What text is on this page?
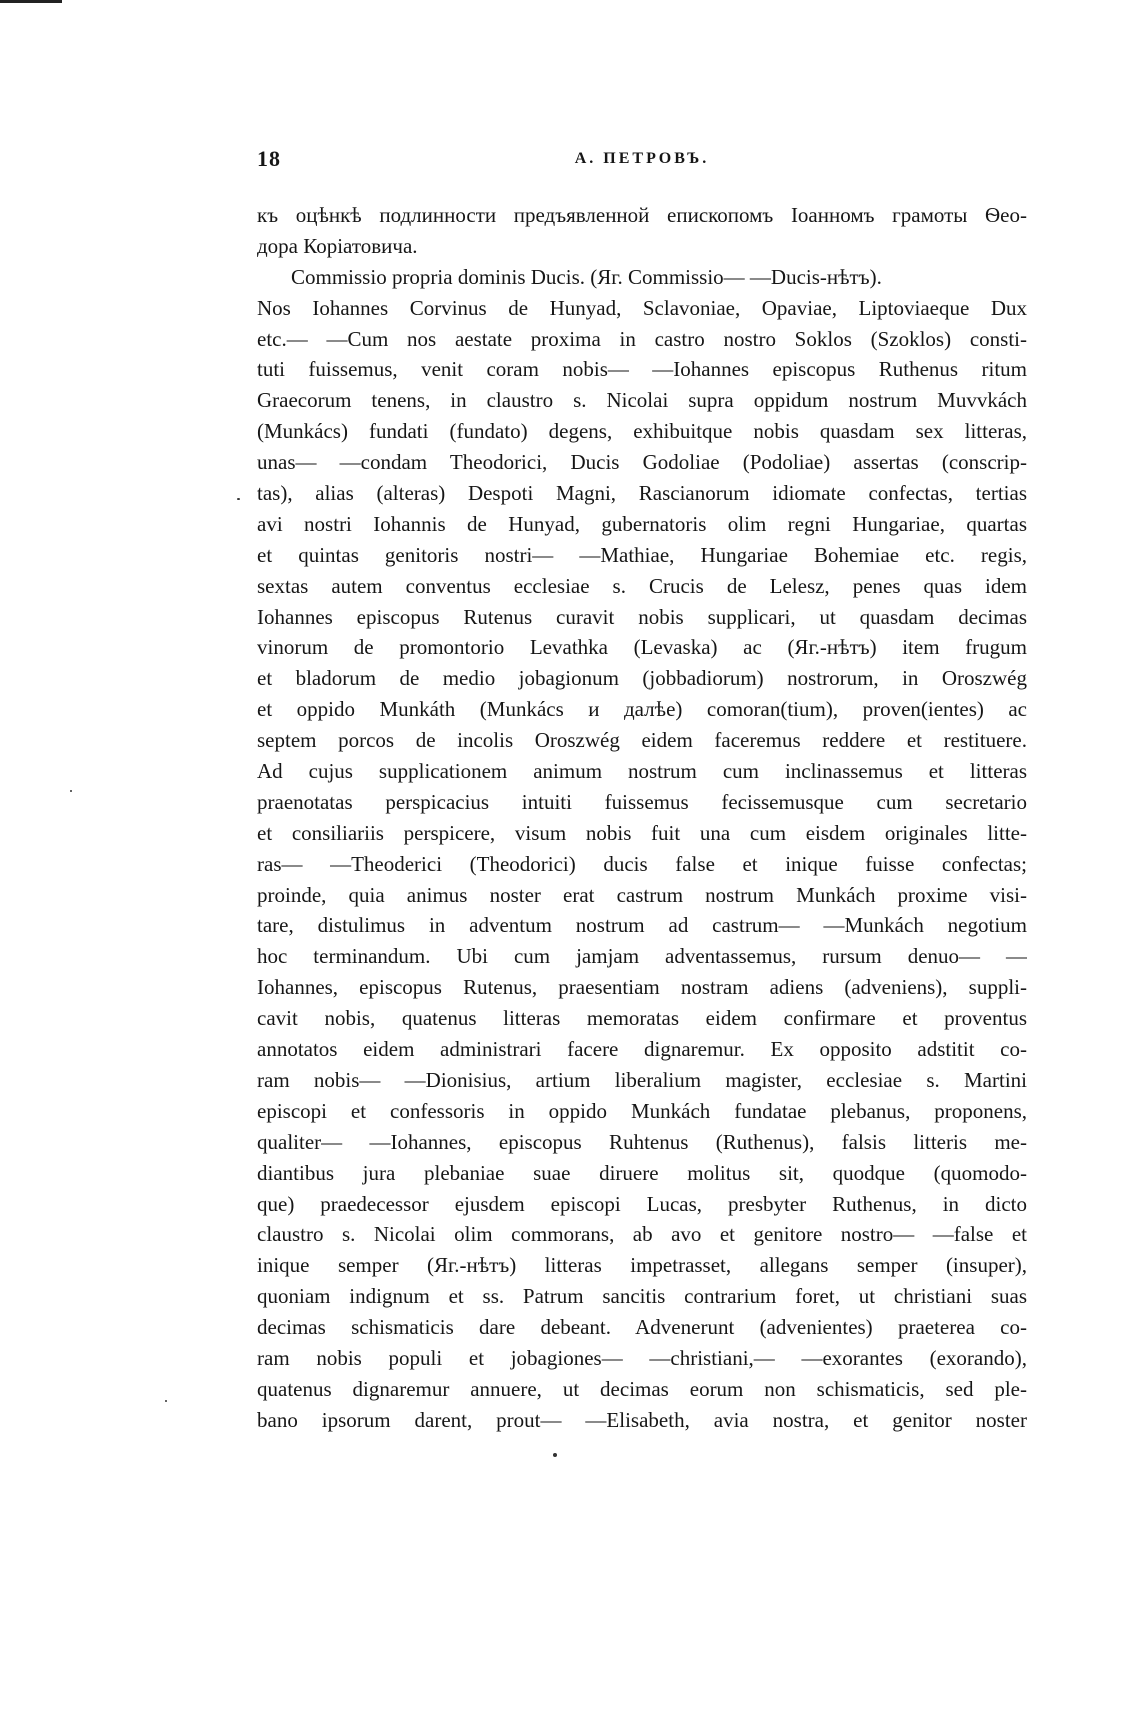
18	А. ПЕТРОВЪ.
къ оцѣнкѣ подлинности предъявленной епископомъ Іоанномъ грамоты Ѳео-
дора Коріатовича.
Commissio propria dominis Ducis. (Яг. Commissio— —Ducis-нѣтъ).
Nos Iohannes Corvinus de Hunyad, Sclavoniae, Opaviae, Liptoviaeque Dux
etc.— —Cum nos aestate proxima in castro nostro Soklos (Szoklos) consti-
tuti fuissemus, venit coram nobis— —Iohannes episcopus Ruthenus ritum
Graecorum tenens, in claustro s. Nicolai supra oppidum nostrum Muvvkách
(Munkács) fundati (fundato) degens, exhibuitque nobis quasdam sex litteras,
unas— —condam Theodorici, Ducis Godoliae (Podoliae) assertas (conscrip-
tas), alias (alteras) Despoti Magni, Rascianorum idiomate confectas, tertias
avi nostri Iohannis de Hunyad, gubernatoris olim regni Hungariae, quartas
et quintas genitoris nostri— —Mathiae, Hungariae Bohemiae etc. regis,
sextas autem conventus ecclesiae s. Crucis de Lelesz, penes quas idem
Iohannes episcopus Rutenus curavit nobis supplicari, ut quasdam decimas
vinorum de promontorio Levathka (Levaska) ac (Яг.-нѣтъ) item frugum
et bladorum de medio jobagionum (jobbadiorum) nostrorum, in Oroszwég
et oppido Munkáth (Munkács и далѣе) comoran(tium), proven(ientes) ac
septem porcos de incolis Oroszwég eidem faceremus reddere et restituere.
Ad cujus supplicationem animum nostrum cum inclinassemus et litteras
praenotatas perspicacius intuiti fuissemus fecissemusque cum secretario
et consiliariis perspicere, visum nobis fuit una cum eisdem originales litte-
ras— —Theoderici (Theodorici) ducis false et inique fuisse confectas;
proinde, quia animus noster erat castrum nostrum Munkách proxime visi-
tare, distulimus in adventum nostrum ad castrum— —Munkách negotium
hoc terminandum. Ubi cum jamjam adventassemus, rursum denuo— —
Iohannes, episcopus Rutenus, praesentiam nostram adiens (adveniens), suppli-
cavit nobis, quatenus litteras memoratas eidem confirmare et proventus
annotatos eidem administrari facere dignaremur. Ex opposito adstitit co-
ram nobis— —Dionisius, artium liberalium magister, ecclesiae s. Martini
episcopi et confessoris in oppido Munkách fundatae plebanus, proponens,
qualiter— —Iohannes, episcopus Ruhtenus (Ruthenus), falsis litteris me-
diantibus jura plebaniae suae diruere molitus sit, quodque (quomodo-
que) praedecessor ejusdem episcopi Lucas, presbyter Ruthenus, in dicto
claustro s. Nicolai olim commorans, ab avo et genitore nostro— —false et
inique semper (Яг.-нѣтъ) litteras impetrasset, allegans semper (insuper),
quoniam indignum et ss. Patrum sancitis contrarium foret, ut christiani suas
decimas schismaticis dare debeant. Advenerunt (advenientes) praeterea co-
ram nobis populi et jobagiones— —christiani,— —exorantes (exorando),
quatenus dignaremur annuere, ut decimas eorum non schismaticis, sed ple-
bano ipsorum darent, prout— —Elisabeth, avia nostra, et genitor noster
